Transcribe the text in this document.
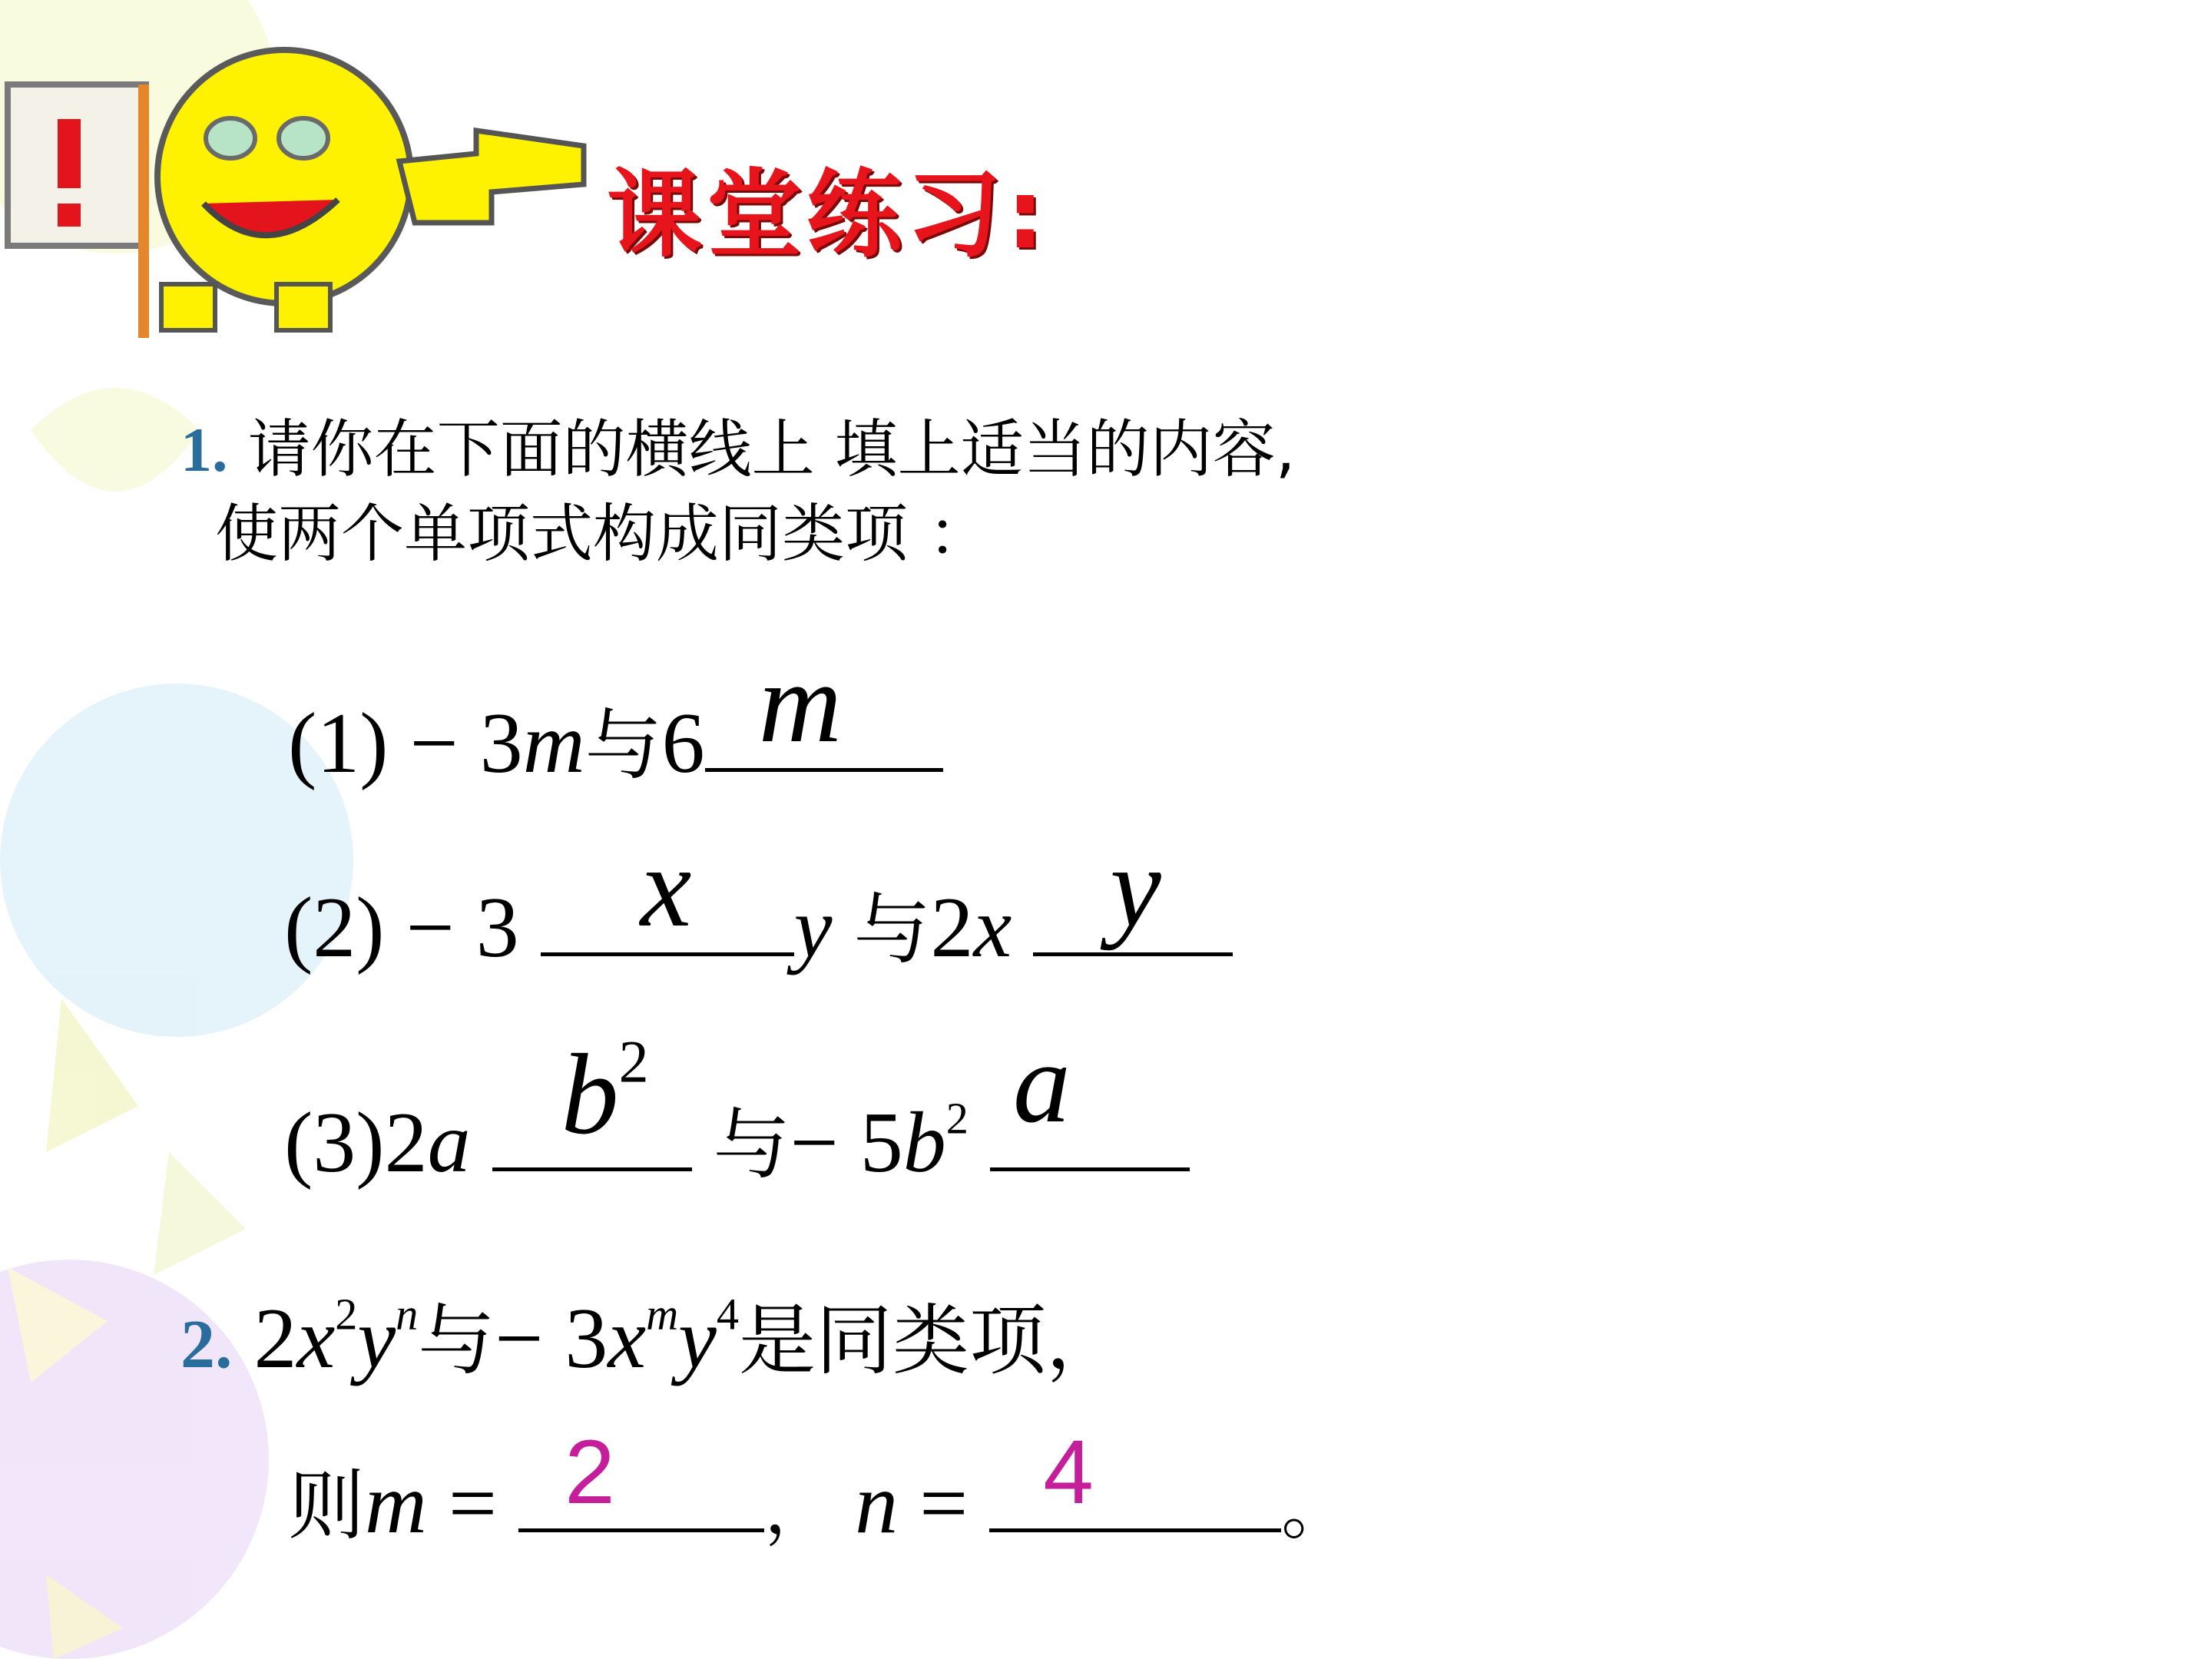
课堂练习:
1. 请你在下面的横线上 填上适当的内容,
使两个单项式构成同类项 ：
(1) − 3m与6 m
(2) − 3 x y 与2x y
(3)2a $b^2$
与− $5b^2$ a
2. $2x^2y^n$与− $3x^my^4$是同类项，
则m = 2 ， n = 4	。
